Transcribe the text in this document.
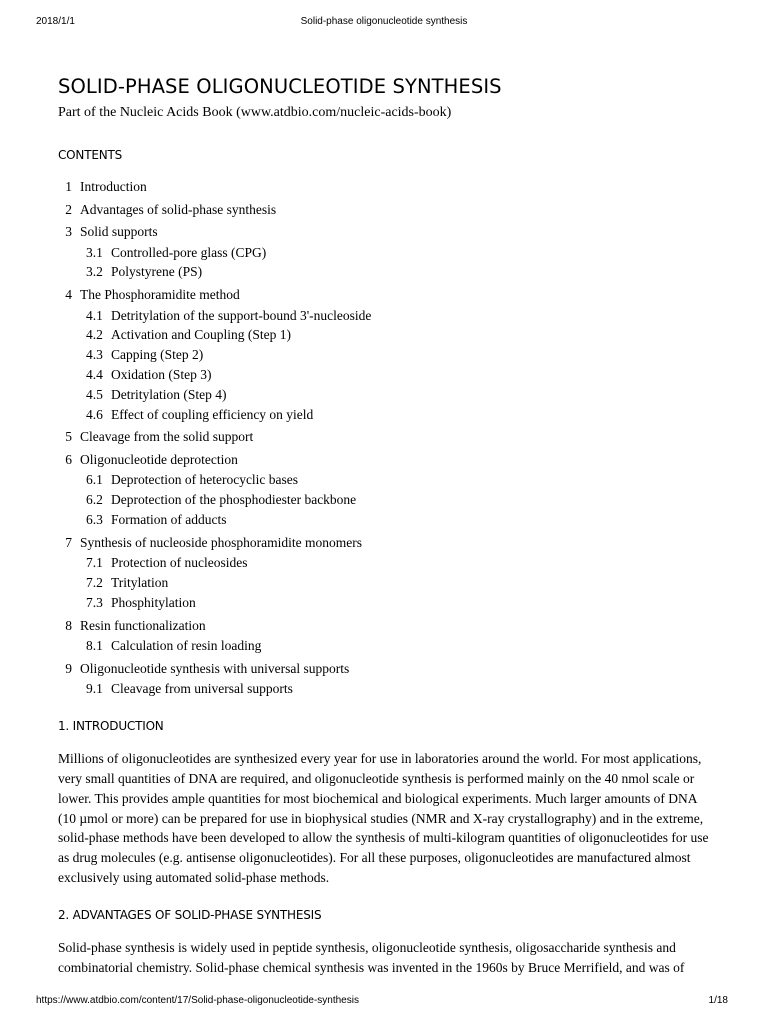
2018/1/1	Solid-phase oligonucleotide synthesis
SOLID-PHASE OLIGONUCLEOTIDE SYNTHESIS
Part of the Nucleic Acids Book (www.atdbio.com/nucleic-acids-book)
CONTENTS
1 Introduction
2 Advantages of solid-phase synthesis
3 Solid supports
3.1 Controlled-pore glass (CPG)
3.2 Polystyrene (PS)
4 The Phosphoramidite method
4.1 Detritylation of the support-bound 3'-nucleoside
4.2 Activation and Coupling (Step 1)
4.3 Capping (Step 2)
4.4 Oxidation (Step 3)
4.5 Detritylation (Step 4)
4.6 Effect of coupling efficiency on yield
5 Cleavage from the solid support
6 Oligonucleotide deprotection
6.1 Deprotection of heterocyclic bases
6.2 Deprotection of the phosphodiester backbone
6.3 Formation of adducts
7 Synthesis of nucleoside phosphoramidite monomers
7.1 Protection of nucleosides
7.2 Tritylation
7.3 Phosphitylation
8 Resin functionalization
8.1 Calculation of resin loading
9 Oligonucleotide synthesis with universal supports
9.1 Cleavage from universal supports
1. INTRODUCTION

Millions of oligonucleotides are synthesized every year for use in laboratories around the world. For most applications, very small quantities of DNA are required, and oligonucleotide synthesis is performed mainly on the 40 nmol scale or lower. This provides ample quantities for most biochemical and biological experiments. Much larger amounts of DNA (10 µmol or more) can be prepared for use in biophysical studies (NMR and X-ray crystallography) and in the extreme, solid-phase methods have been developed to allow the synthesis of multi-kilogram quantities of oligonucleotides for use as drug molecules (e.g. antisense oligonucleotides). For all these purposes, oligonucleotides are manufactured almost exclusively using automated solid-phase methods.

2. ADVANTAGES OF SOLID-PHASE SYNTHESIS

Solid-phase synthesis is widely used in peptide synthesis, oligonucleotide synthesis, oligosaccharide synthesis and combinatorial chemistry. Solid-phase chemical synthesis was invented in the 1960s by Bruce Merrifield, and was of

https://www.atdbio.com/content/17/Solid-phase-oligonucleotide-synthesis	1/18
